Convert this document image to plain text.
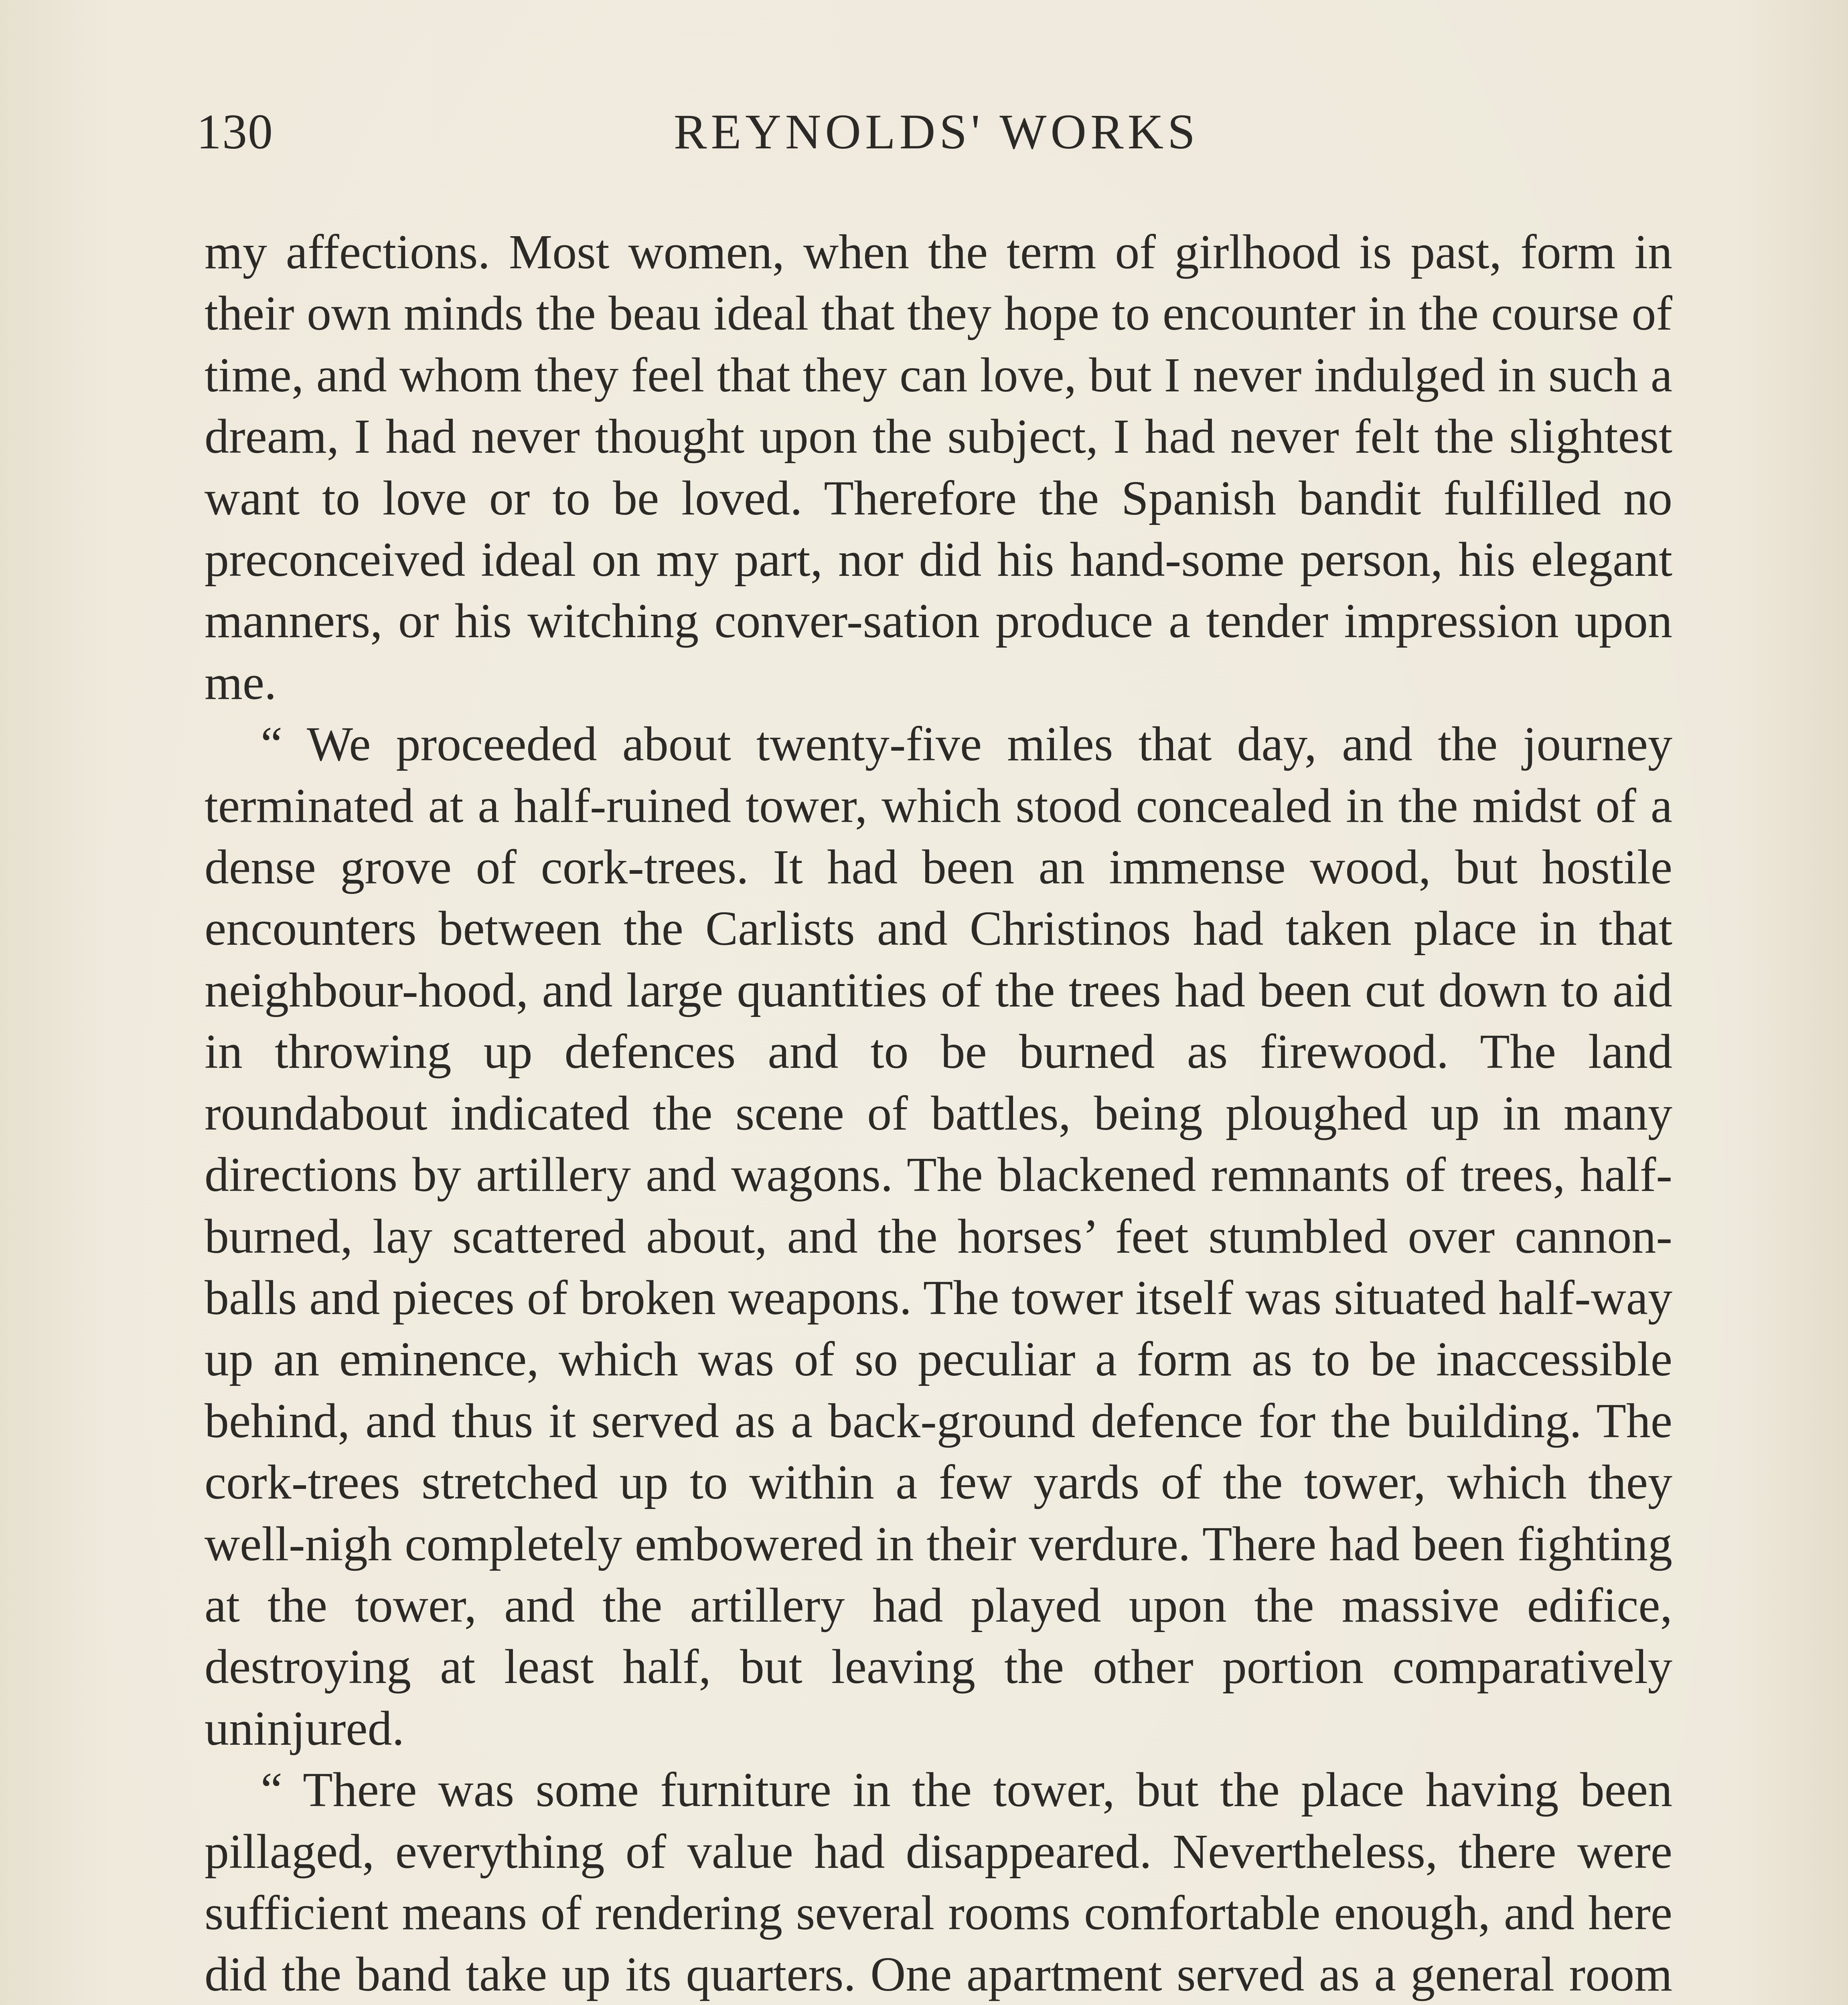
130	REYNOLDS' WORKS

my affections. Most women, when the term of girlhood is past, form in their own minds the beau ideal that they hope to encounter in the course of time, and whom they feel that they can love, but I never indulged in such a dream, I had never thought upon the subject, I had never felt the slightest want to love or to be loved. Therefore the Spanish bandit fulfilled no preconceived ideal on my part, nor did his hand-some person, his elegant manners, or his witching conver-sation produce a tender impression upon me.

“ We proceeded about twenty-five miles that day, and the journey terminated at a half-ruined tower, which stood concealed in the midst of a dense grove of cork-trees. It had been an immense wood, but hostile encounters between the Carlists and Christinos had taken place in that neighbour-hood, and large quantities of the trees had been cut down to aid in throwing up defences and to be burned as firewood. The land roundabout indicated the scene of battles, being ploughed up in many directions by artillery and wagons. The blackened remnants of trees, half-burned, lay scattered about, and the horses’ feet stumbled over cannon-balls and pieces of broken weapons. The tower itself was situated half-way up an eminence, which was of so peculiar a form as to be inaccessible behind, and thus it served as a back-ground defence for the building. The cork-trees stretched up to within a few yards of the tower, which they well-nigh completely embowered in their verdure. There had been fighting at the tower, and the artillery had played upon the massive edifice, destroying at least half, but leaving the other portion comparatively uninjured.

“ There was some furniture in the tower, but the place having been pillaged, everything of value had disappeared. Nevertheless, there were sufficient means of rendering several rooms comfortable enough, and here did the band take up its quarters. One apartment served as a general room
